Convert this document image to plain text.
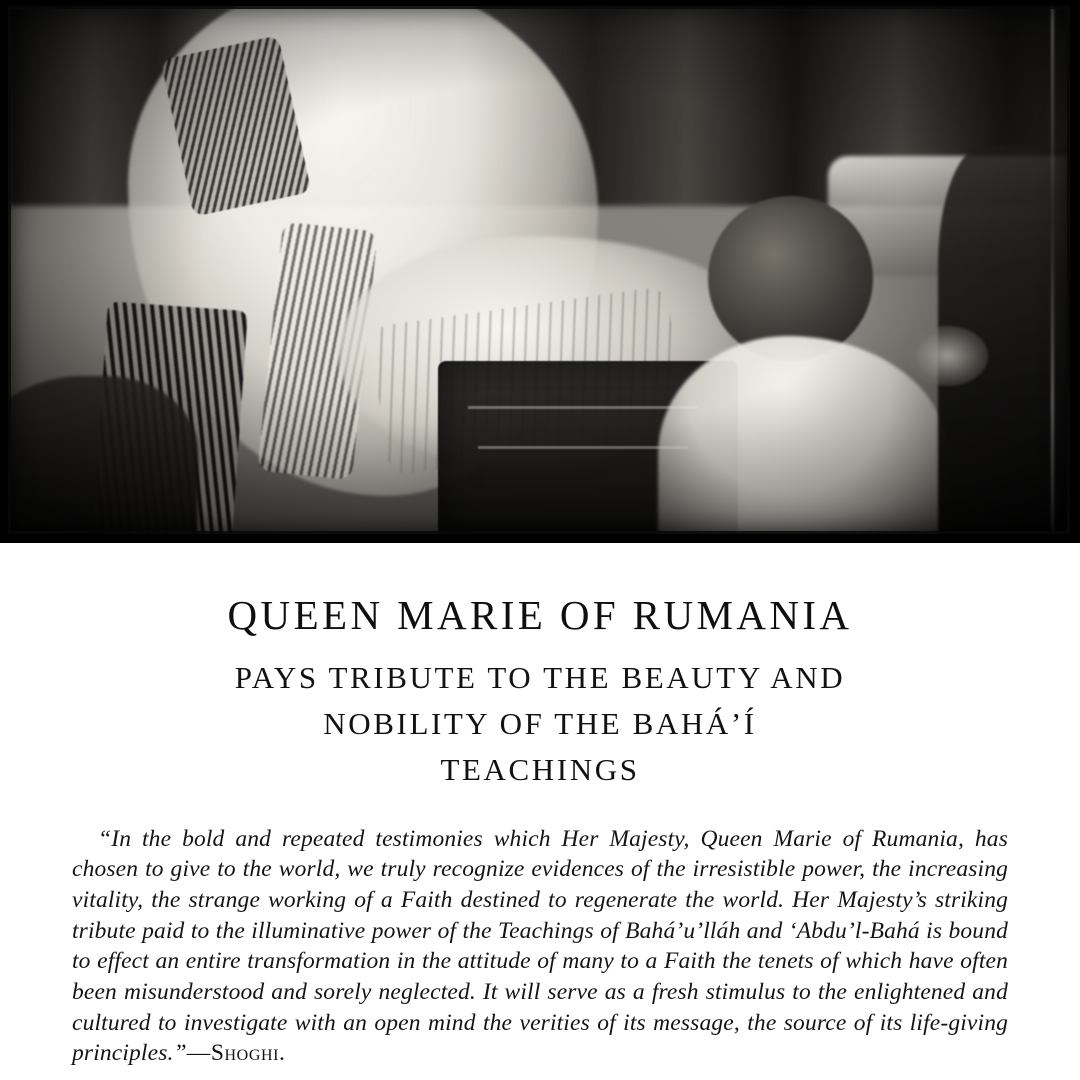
QUEEN MARIE OF RUMANIA
PAYS TRIBUTE TO THE BEAUTY AND
NOBILITY OF THE BAHÁ’Í
TEACHINGS

“In the bold and repeated testimonies which Her Majesty, Queen Marie of Rumania, has chosen to give to the world, we truly recognize evidences of the irresistible power, the increasing vitality, the strange working of a Faith destined to regenerate the world. Her Majesty’s striking tribute paid to the illuminative power of the Teachings of Bahá’u’lláh and ‘Abdu’l-Bahá is bound to effect an entire transformation in the attitude of many to a Faith the tenets of which have often been misunderstood and sorely neglected. It will serve as a fresh stimulus to the enlightened and cultured to investigate with an open mind the verities of its message, the source of its life-giving principles.”—Shoghi.
